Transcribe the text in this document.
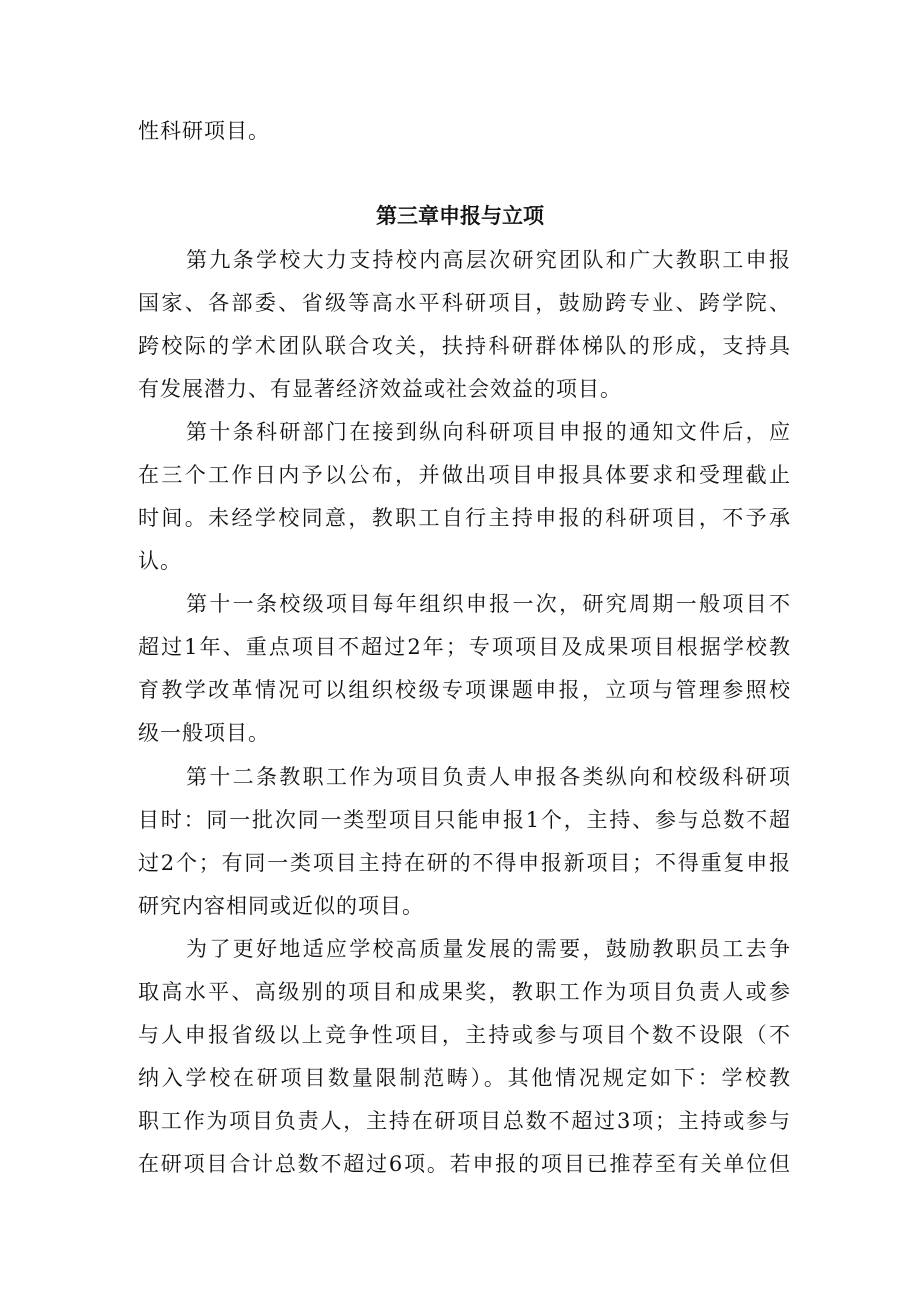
性科研项目。
第三章申报与立项
第九条学校大力支持校内高层次研究团队和广大教职工申报
国家、各部委、省级等高水平科研项目，鼓励跨专业、跨学院、
跨校际的学术团队联合攻关，扶持科研群体梯队的形成，支持具
有发展潜力、有显著经济效益或社会效益的项目。
第十条科研部门在接到纵向科研项目申报的通知文件后，应
在三个工作日内予以公布，并做出项目申报具体要求和受理截止
时间。未经学校同意，教职工自行主持申报的科研项目，不予承
认。
第十一条校级项目每年组织申报一次，研究周期一般项目不
超过1年、重点项目不超过2年；专项项目及成果项目根据学校教
育教学改革情况可以组织校级专项课题申报，立项与管理参照校
级一般项目。
第十二条教职工作为项目负责人申报各类纵向和校级科研项
目时：同一批次同一类型项目只能申报1个，主持、参与总数不超
过2个；有同一类项目主持在研的不得申报新项目；不得重复申报
研究内容相同或近似的项目。
为了更好地适应学校高质量发展的需要，鼓励教职员工去争
取高水平、高级别的项目和成果奖，教职工作为项目负责人或参
与人申报省级以上竞争性项目，主持或参与项目个数不设限（不
纳入学校在研项目数量限制范畴）。其他情况规定如下：学校教
职工作为项目负责人，主持在研项目总数不超过3项；主持或参与
在研项目合计总数不超过6项。若申报的项目已推荐至有关单位但
